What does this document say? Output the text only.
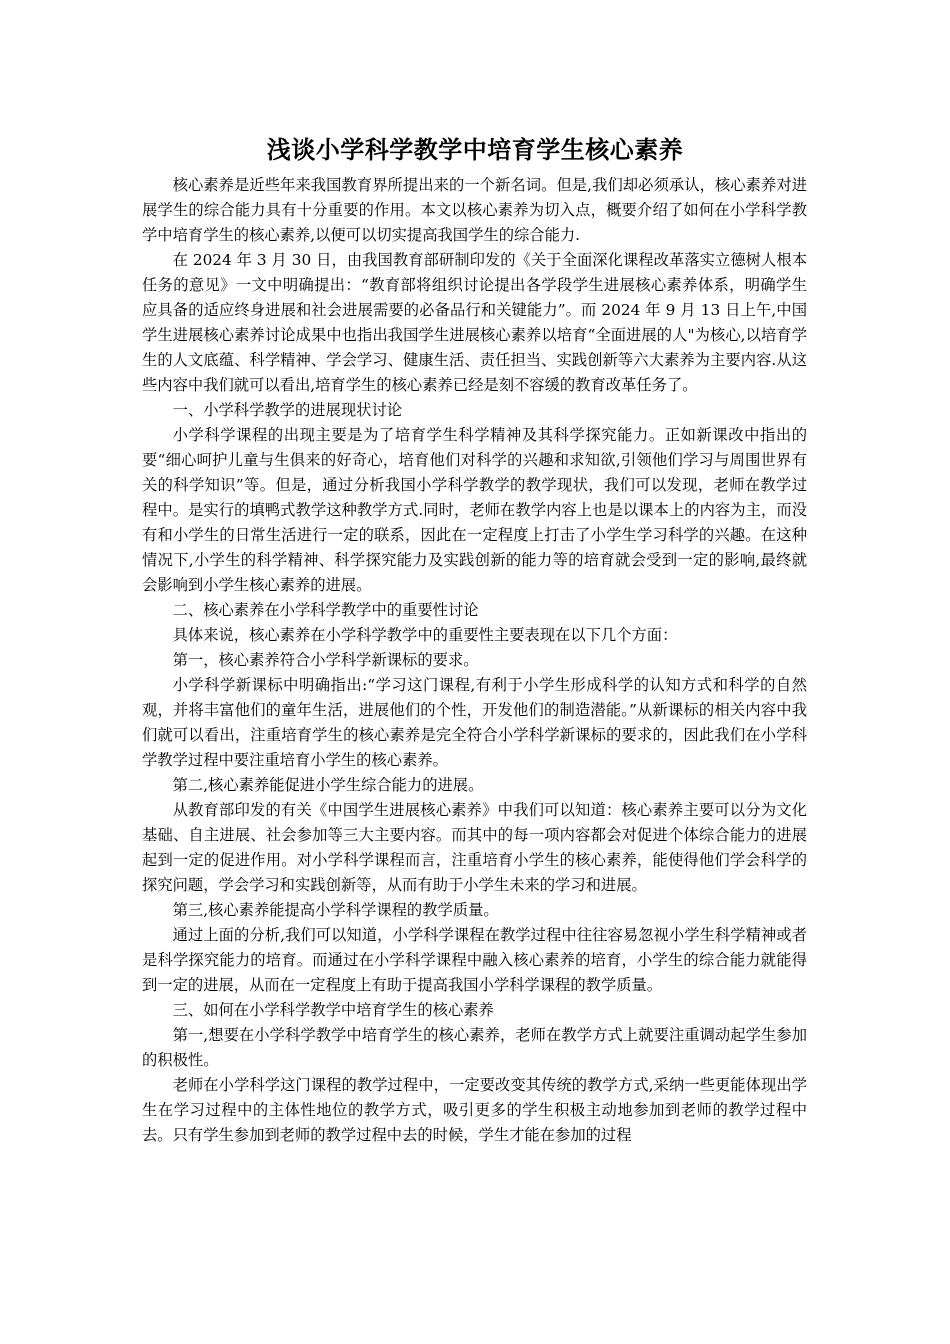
浅谈小学科学教学中培育学生核心素养

核心素养是近些年来我国教育界所提出来的一个新名词。但是,我们却必须承认，核心素养对进展学生的综合能力具有十分重要的作用。本文以核心素养为切入点，概要介绍了如何在小学科学教学中培育学生的核心素养,以便可以切实提高我国学生的综合能力.

在 2024 年 3 月 30 日，由我国教育部研制印发的《关于全面深化课程改革落实立德树人根本任务的意见》一文中明确提出：“教育部将组织讨论提出各学段学生进展核心素养体系，明确学生应具备的适应终身进展和社会进展需要的必备品行和关键能力”。而 2024 年 9 月 13 日上午,中国学生进展核心素养讨论成果中也指出我国学生进展核心素养以培育“全面进展的人"为核心,以培育学生的人文底蕴、科学精神、学会学习、健康生活、责任担当、实践创新等六大素养为主要内容.从这些内容中我们就可以看出,培育学生的核心素养已经是刻不容缓的教育改革任务了。

一、小学科学教学的进展现状讨论

小学科学课程的出现主要是为了培育学生科学精神及其科学探究能力。正如新课改中指出的要“细心呵护儿童与生俱来的好奇心，培育他们对科学的兴趣和求知欲,引领他们学习与周围世界有关的科学知识”等。但是，通过分析我国小学科学教学的教学现状，我们可以发现，老师在教学过程中。是实行的填鸭式教学这种教学方式.同时，老师在教学内容上也是以课本上的内容为主，而没有和小学生的日常生活进行一定的联系，因此在一定程度上打击了小学生学习科学的兴趣。在这种情况下,小学生的科学精神、科学探究能力及实践创新的能力等的培育就会受到一定的影响,最终就会影响到小学生核心素养的进展。

二、核心素养在小学科学教学中的重要性讨论

具体来说，核心素养在小学科学教学中的重要性主要表现在以下几个方面：

第一，核心素养符合小学科学新课标的要求。

小学科学新课标中明确指出:“学习这门课程,有利于小学生形成科学的认知方式和科学的自然观，并将丰富他们的童年生活，进展他们的个性，开发他们的制造潜能。”从新课标的相关内容中我们就可以看出，注重培育学生的核心素养是完全符合小学科学新课标的要求的，因此我们在小学科学教学过程中要注重培育小学生的核心素养。

第二,核心素养能促进小学生综合能力的进展。

从教育部印发的有关《中国学生进展核心素养》中我们可以知道：核心素养主要可以分为文化基础、自主进展、社会参加等三大主要内容。而其中的每一项内容都会对促进个体综合能力的进展起到一定的促进作用。对小学科学课程而言，注重培育小学生的核心素养，能使得他们学会科学的探究问题，学会学习和实践创新等，从而有助于小学生未来的学习和进展。

第三,核心素养能提高小学科学课程的教学质量。

通过上面的分析,我们可以知道，小学科学课程在教学过程中往往容易忽视小学生科学精神或者是科学探究能力的培育。而通过在小学科学课程中融入核心素养的培育，小学生的综合能力就能得到一定的进展，从而在一定程度上有助于提高我国小学科学课程的教学质量。

三、如何在小学科学教学中培育学生的核心素养

第一,想要在小学科学教学中培育学生的核心素养，老师在教学方式上就要注重调动起学生参加的积极性。

老师在小学科学这门课程的教学过程中，一定要改变其传统的教学方式,采纳一些更能体现出学生在学习过程中的主体性地位的教学方式，吸引更多的学生积极主动地参加到老师的教学过程中去。只有学生参加到老师的教学过程中去的时候，学生才能在参加的过程
